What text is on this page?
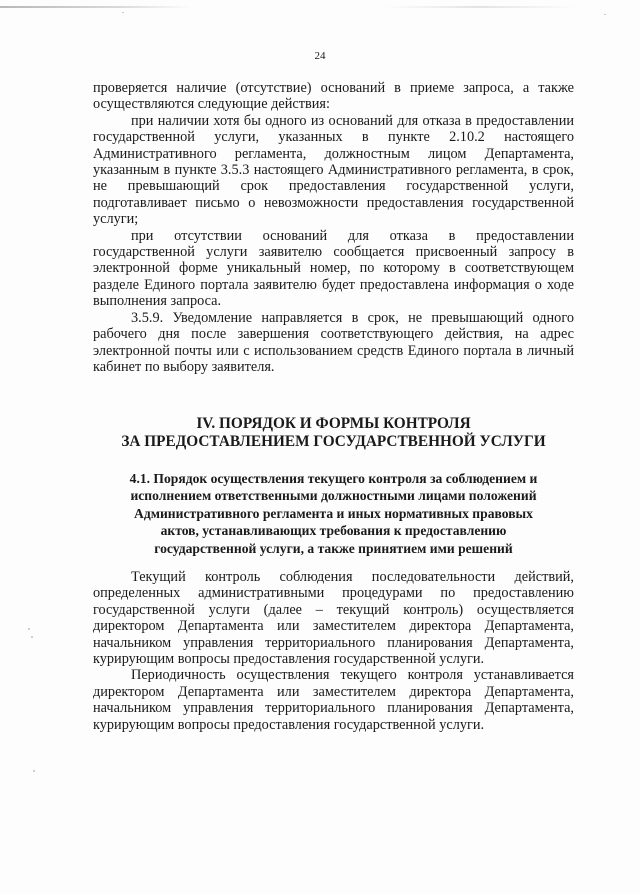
24

проверяется наличие (отсутствие) оснований в приеме запроса, а также осуществляются следующие действия:

при наличии хотя бы одного из оснований для отказа в предоставлении государственной услуги, указанных в пункте 2.10.2 настоящего Административного регламента, должностным лицом Департамента, указанным в пункте 3.5.3 настоящего Административного регламента, в срок, не превышающий срок предоставления государственной услуги, подготавливает письмо о невозможности предоставления государственной услуги;

при отсутствии оснований для отказа в предоставлении государственной услуги заявителю сообщается присвоенный запросу в электронной форме уникальный номер, по которому в соответствующем разделе Единого портала заявителю будет предоставлена информация о ходе выполнения запроса.

3.5.9. Уведомление направляется в срок, не превышающий одного рабочего дня после завершения соответствующего действия, на адрес электронной почты или с использованием средств Единого портала в личный кабинет по выбору заявителя.

IV. ПОРЯДОК И ФОРМЫ КОНТРОЛЯ
ЗА ПРЕДОСТАВЛЕНИЕМ ГОСУДАРСТВЕННОЙ УСЛУГИ
4.1. Порядок осуществления текущего контроля за соблюдением и
исполнением ответственными должностными лицами положений
Административного регламента и иных нормативных правовых
актов, устанавливающих требования к предоставлению
государственной услуги, а также принятием ими решений

Текущий контроль соблюдения последовательности действий, определенных административными процедурами по предоставлению государственной услуги (далее – текущий контроль) осуществляется директором Департамента или заместителем директора Департамента, начальником управления территориального планирования Департамента, курирующим вопросы предоставления государственной услуги.

Периодичность осуществления текущего контроля устанавливается директором Департамента или заместителем директора Департамента, начальником управления территориального планирования Департамента, курирующим вопросы предоставления государственной услуги.
